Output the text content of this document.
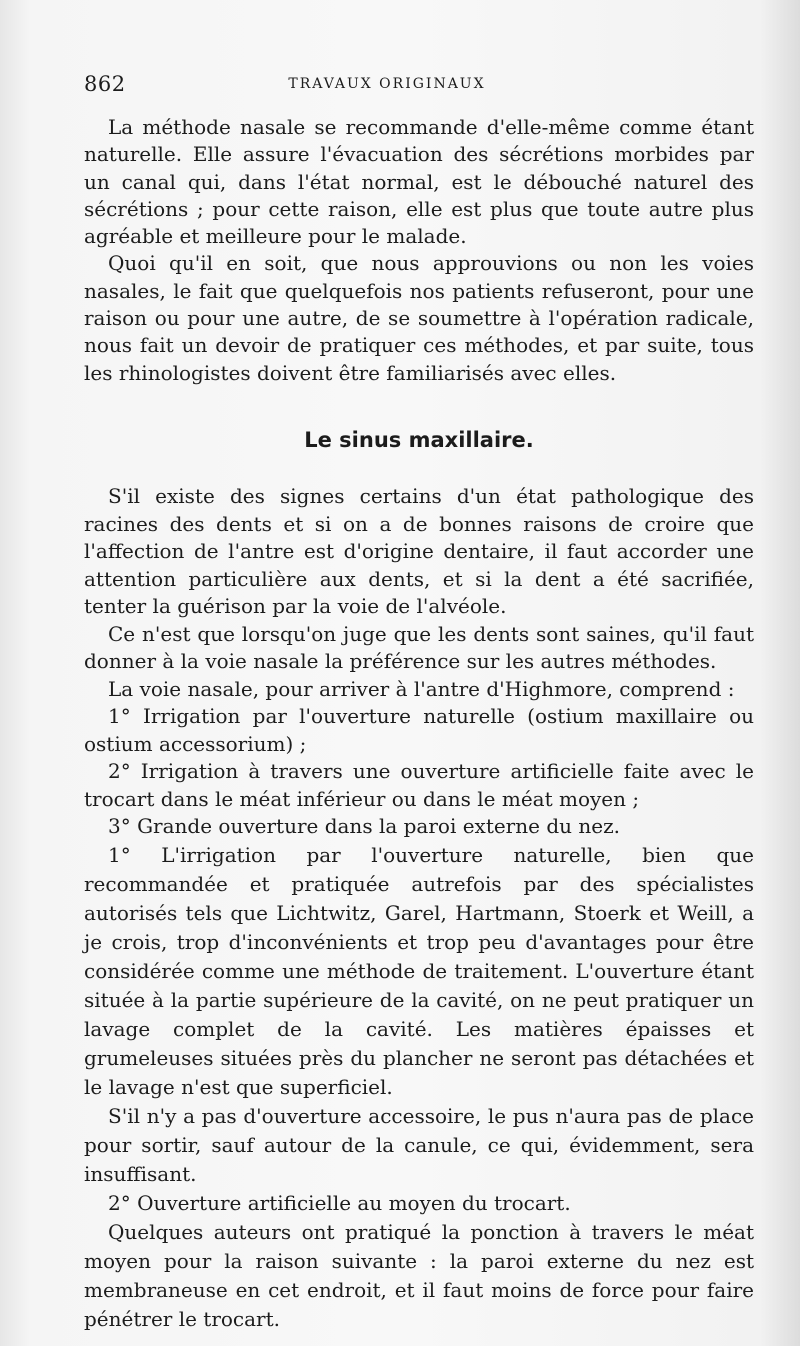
862	TRAVAUX ORIGINAUX

La méthode nasale se recommande d'elle-même comme étant naturelle. Elle assure l'évacuation des sécrétions morbides par un canal qui, dans l'état normal, est le débouché naturel des sécrétions ; pour cette raison, elle est plus que toute autre plus agréable et meilleure pour le malade.

Quoi qu'il en soit, que nous approuvions ou non les voies nasales, le fait que quelquefois nos patients refuseront, pour une raison ou pour une autre, de se soumettre à l'opération radicale, nous fait un devoir de pratiquer ces méthodes, et par suite, tous les rhinologistes doivent être familiarisés avec elles.

Le sinus maxillaire.

S'il existe des signes certains d'un état pathologique des racines des dents et si on a de bonnes raisons de croire que l'affection de l'antre est d'origine dentaire, il faut accorder une attention particulière aux dents, et si la dent a été sacrifiée, tenter la guérison par la voie de l'alvéole.

Ce n'est que lorsqu'on juge que les dents sont saines, qu'il faut donner à la voie nasale la préférence sur les autres méthodes.

La voie nasale, pour arriver à l'antre d'Highmore, comprend :

1° Irrigation par l'ouverture naturelle (ostium maxillaire ou ostium accessorium) ;

2° Irrigation à travers une ouverture artificielle faite avec le trocart dans le méat inférieur ou dans le méat moyen ;

3° Grande ouverture dans la paroi externe du nez.

1° L'irrigation par l'ouverture naturelle, bien que recommandée et pratiquée autrefois par des spécialistes autorisés tels que Lichtwitz, Garel, Hartmann, Stoerk et Weill, a je crois, trop d'inconvénients et trop peu d'avantages pour être considérée comme une méthode de traitement. L'ouverture étant située à la partie supérieure de la cavité, on ne peut pratiquer un lavage complet de la cavité. Les matières épaisses et grumeleuses situées près du plancher ne seront pas détachées et le lavage n'est que superficiel.

S'il n'y a pas d'ouverture accessoire, le pus n'aura pas de place pour sortir, sauf autour de la canule, ce qui, évidemment, sera insuffisant.

2° Ouverture artificielle au moyen du trocart.

Quelques auteurs ont pratiqué la ponction à travers le méat moyen pour la raison suivante : la paroi externe du nez est membraneuse en cet endroit, et il faut moins de force pour faire pénétrer le trocart.
